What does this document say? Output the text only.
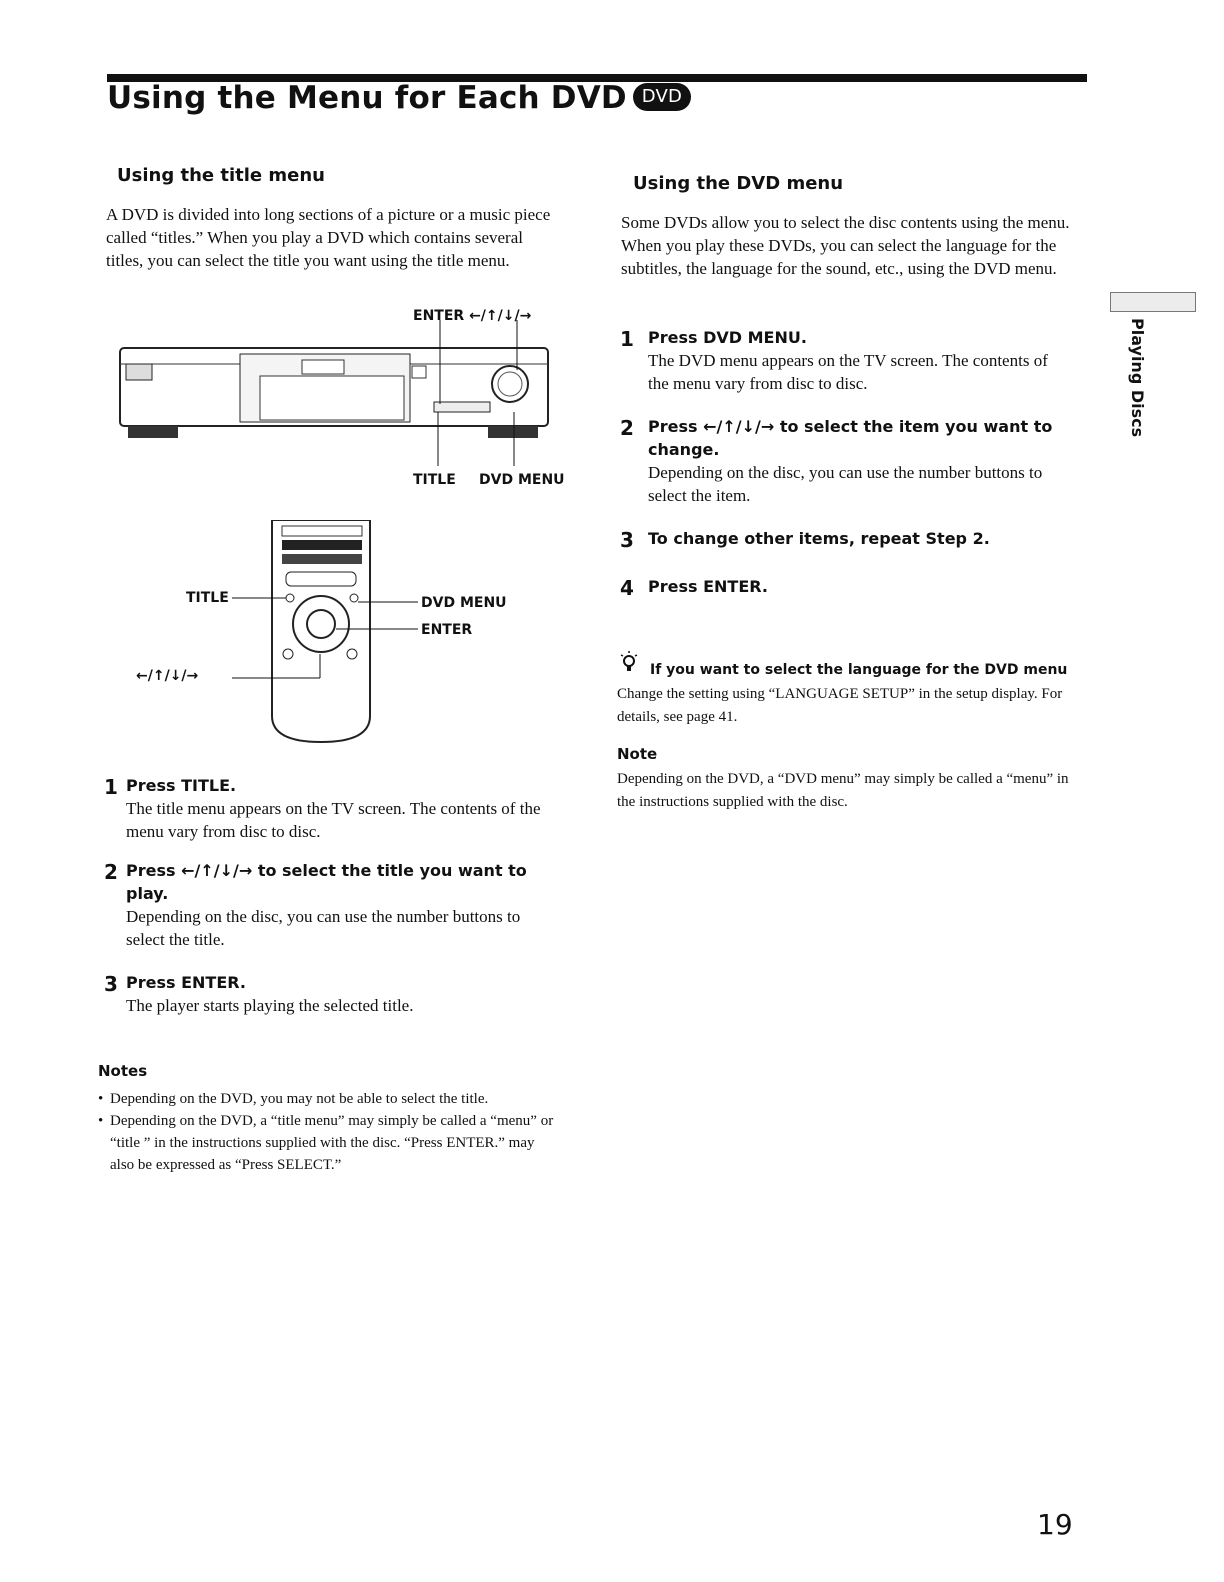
Using the Menu for Each DVD DVD
Playing Discs
Using the title menu
A DVD is divided into long sections of a picture or a music piece called “titles.” When you play a DVD which contains several titles, you can select the title you want using the title menu.
ENTER ←/↑/↓/→
TITLE DVD MENU
TITLE
←/↑/↓/→
DVD MENU
ENTER
1 Press TITLE.
The title menu appears on the TV screen. The contents of the menu vary from disc to disc.
2 Press ←/↑/↓/→ to select the title you want to play.
Depending on the disc, you can use the number buttons to select the title.
3 Press ENTER.
The player starts playing the selected title.
Notes
• Depending on the DVD, you may not be able to select the title.
• Depending on the DVD, a “title menu” may simply be called a “menu” or “title ” in the instructions supplied with the disc. “Press ENTER.” may also be expressed as “Press SELECT.”
Using the DVD menu
Some DVDs allow you to select the disc contents using the menu. When you play these DVDs, you can select the language for the subtitles, the language for the sound, etc., using the DVD menu.
1 Press DVD MENU.
The DVD menu appears on the TV screen. The contents of the menu vary from disc to disc.
2 Press ←/↑/↓/→ to select the item you want to change.
Depending on the disc, you can use the number buttons to select the item.
3 To change other items, repeat Step 2.
4 Press ENTER.
If you want to select the language for the DVD menu
Change the setting using “LANGUAGE SETUP” in the setup display. For details, see page 41.
Note
Depending on the DVD, a “DVD menu” may simply be called a “menu” in the instructions supplied with the disc.
19
